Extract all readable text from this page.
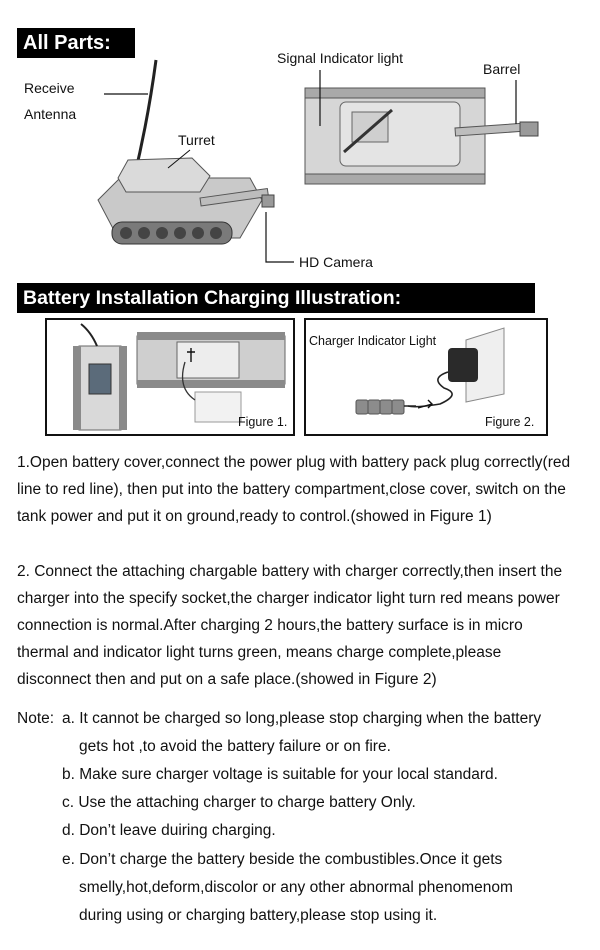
All Parts:
Receive
Antenna
Turret
Signal Indicator light
Barrel
HD Camera
Battery Installation Charging Illustration:
Figure 1.
Charger Indicator Light
Figure 2.
1.Open battery cover,connect the power plug with battery pack plug correctly(red line to red line), then put into the battery compartment,close cover, switch on the tank power and put it on ground,ready to control.(showed in Figure 1)
2. Connect the attaching chargable battery with charger correctly,then insert the charger into the specify socket,the charger indicator light turn red means power connection is normal.After charging 2 hours,the battery surface is in micro thermal and indicator light turns green, means charge complete,please disconnect then and put on a safe place.(showed in Figure 2)
Note: a. It cannot be charged so long,please stop charging when the battery
gets hot ,to avoid the battery failure or on fire.
b. Make sure charger voltage is suitable for your local standard.
c. Use the attaching charger to charge battery Only.
d. Don’t leave duiring charging.
e. Don’t charge the battery beside the combustibles.Once it gets
smelly,hot,deform,discolor or any other abnormal phenomenom
during using or charging battery,please stop using it.
